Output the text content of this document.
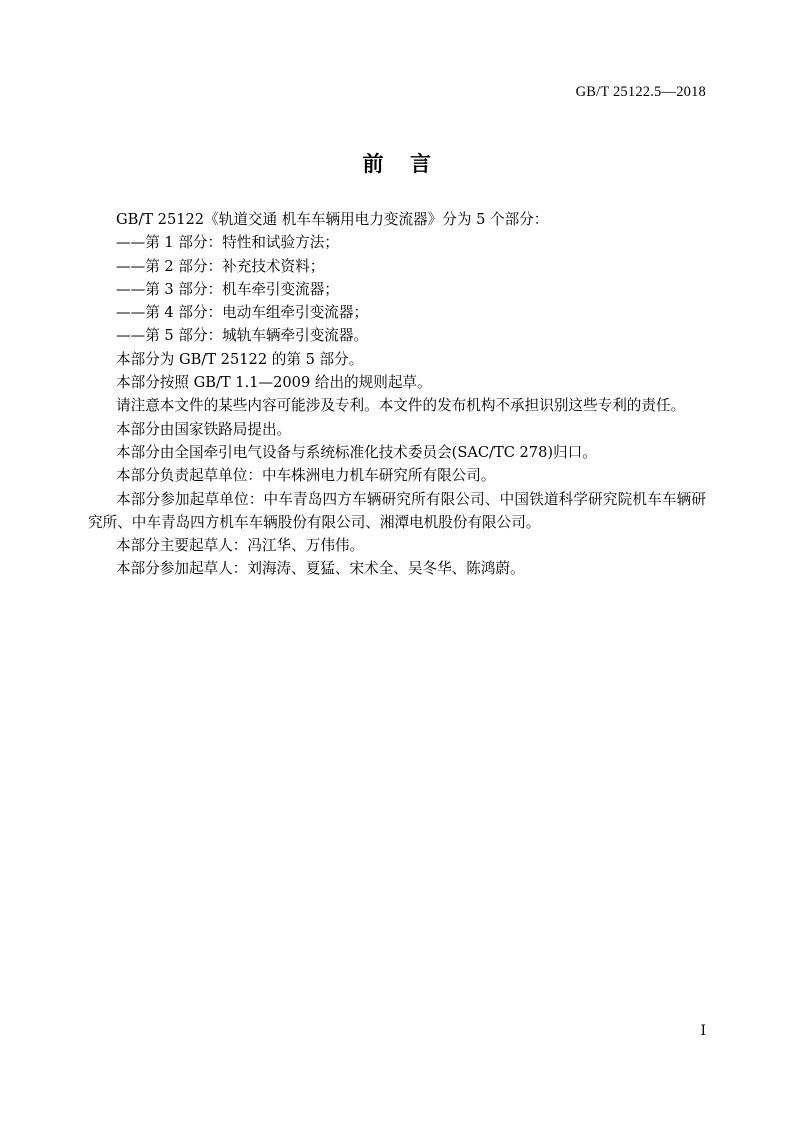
GB/T 25122.5—2018
前 言

GB/T 25122《轨道交通 机车车辆用电力变流器》分为 5 个部分：

——第 1 部分：特性和试验方法；

——第 2 部分：补充技术资料；

——第 3 部分：机车牵引变流器；

——第 4 部分：电动车组牵引变流器；

——第 5 部分：城轨车辆牵引变流器。

本部分为 GB/T 25122 的第 5 部分。

本部分按照 GB/T 1.1—2009 给出的规则起草。

请注意本文件的某些内容可能涉及专利。本文件的发布机构不承担识别这些专利的责任。

本部分由国家铁路局提出。

本部分由全国牵引电气设备与系统标准化技术委员会(SAC/TC 278)归口。

本部分负责起草单位：中车株洲电力机车研究所有限公司。

本部分参加起草单位：中车青岛四方车辆研究所有限公司、中国铁道科学研究院机车车辆研究所、中车青岛四方机车车辆股份有限公司、湘潭电机股份有限公司。

本部分主要起草人：冯江华、万伟伟。

本部分参加起草人：刘海涛、夏猛、宋术全、吴冬华、陈鸿蔚。

Ⅰ
